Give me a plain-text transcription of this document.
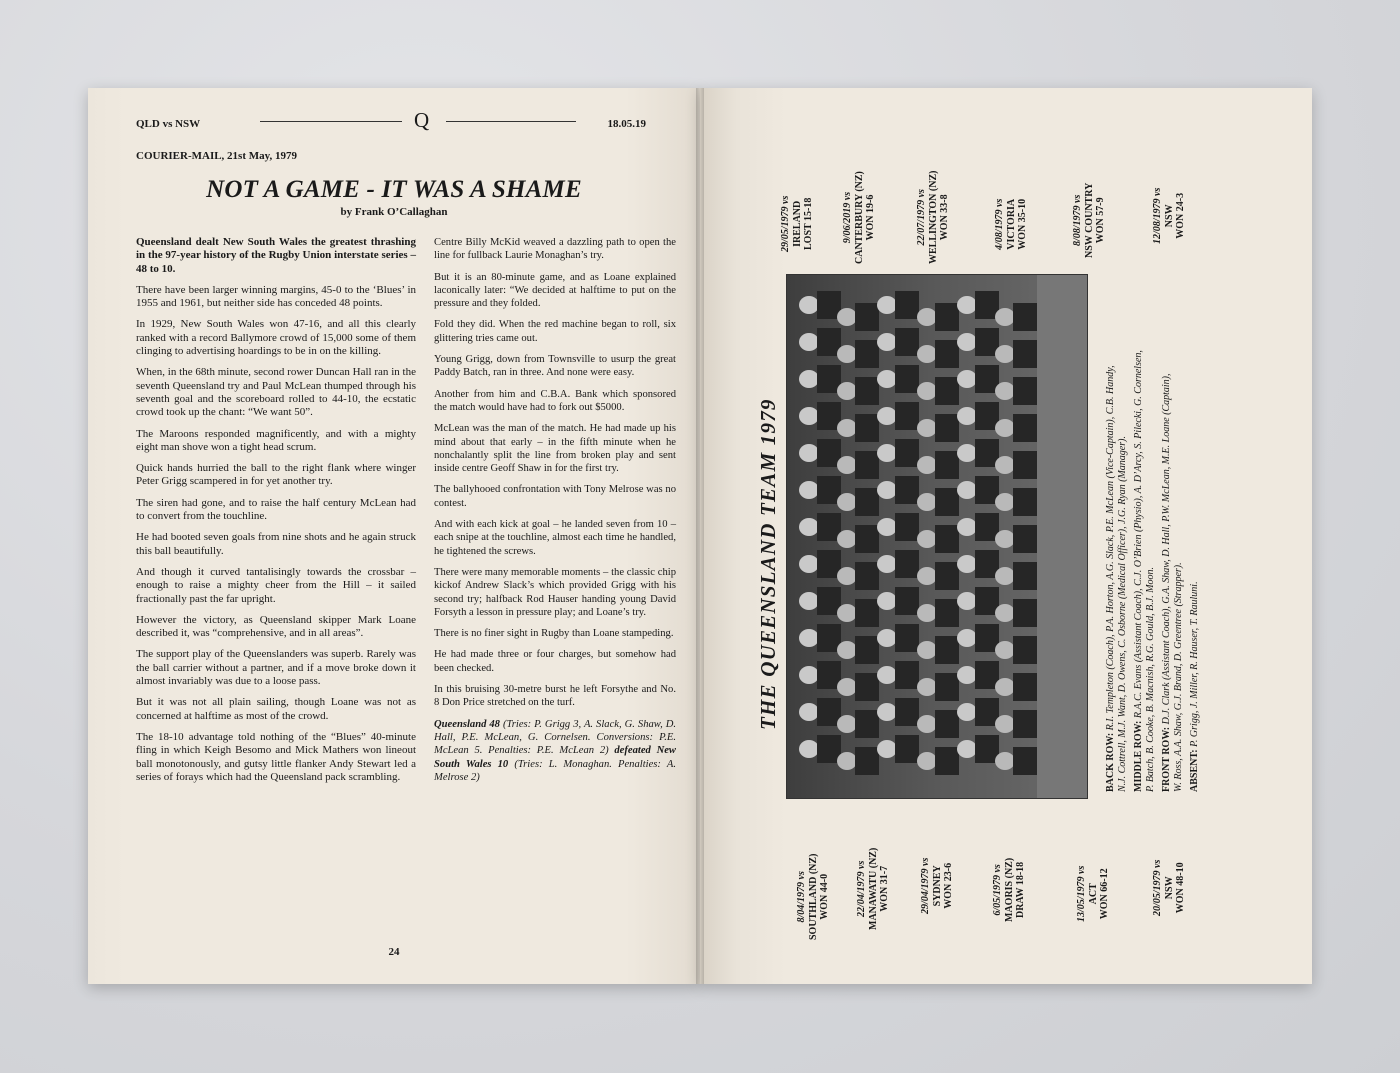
QLD vs NSW	Q	18.05.19
COURIER-MAIL, 21st May, 1979
NOT A GAME - IT WAS A SHAME
by Frank O’Callaghan

Queensland dealt New South Wales the greatest thrashing in the 97-year history of the Rugby Union interstate series – 48 to 10.

There have been larger winning margins, 45-0 to the ‘Blues’ in 1955 and 1961, but neither side has conceded 48 points.

In 1929, New South Wales won 47-16, and all this clearly ranked with a record Ballymore crowd of 15,000 some of them clinging to advertising hoardings to be in on the killing.

When, in the 68th minute, second rower Duncan Hall ran in the seventh Queensland try and Paul McLean thumped through his seventh goal and the scoreboard rolled to 44-10, the ecstatic crowd took up the chant: “We want 50”.

The Maroons responded magnificently, and with a mighty eight man shove won a tight head scrum.

Quick hands hurried the ball to the right flank where winger Peter Grigg scampered in for yet another try.

The siren had gone, and to raise the half century McLean had to convert from the touchline.

He had booted seven goals from nine shots and he again struck this ball beautifully.

And though it curved tantalisingly towards the crossbar – enough to raise a mighty cheer from the Hill – it sailed fractionally past the far upright.

However the victory, as Queensland skipper Mark Loane described it, was “comprehensive, and in all areas”.

The support play of the Queenslanders was superb. Rarely was the ball carrier without a partner, and if a move broke down it almost invariably was due to a loose pass.

But it was not all plain sailing, though Loane was not as concerned at halftime as most of the crowd.

The 18-10 advantage told nothing of the “Blues” 40-minute fling in which Keigh Besomo and Mick Mathers won lineout ball monotonously, and gutsy little flanker Andy Stewart led a series of forays which had the Queensland pack scrambling.

Centre Billy McKid weaved a dazzling path to open the line for fullback Laurie Monaghan’s try.

But it is an 80-minute game, and as Loane explained laconically later: “We decided at halftime to put on the pressure and they folded.

Fold they did. When the red machine began to roll, six glittering tries came out.

Young Grigg, down from Townsville to usurp the great Paddy Batch, ran in three. And none were easy.

Another from him and C.B.A. Bank which sponsored the match would have had to fork out $5000.

McLean was the man of the match. He had made up his mind about that early – in the fifth minute when he nonchalantly split the line from broken play and sent inside centre Geoff Shaw in for the first try.

The ballyhooed confrontation with Tony Melrose was no contest.

And with each kick at goal – he landed seven from 10 – each snipe at the touchline, almost each time he handled, he tightened the screws.

There were many memorable moments – the classic chip kickof Andrew Slack’s which provided Grigg with his second try; halfback Rod Hauser handing young David Forsyth a lesson in pressure play; and Loane’s try.

There is no finer sight in Rugby than Loane stampeding.

He had made three or four charges, but somehow had been checked.

In this bruising 30-metre burst he left Forsythe and No. 8 Don Price stretched on the turf.

Queensland 48 (Tries: P. Grigg 3, A. Slack, G. Shaw, D. Hall, P.E. McLean, G. Cornelsen. Conversions: P.E. McLean 5. Penalties: P.E. McLean 2) defeated New South Wales 10 (Tries: L. Monaghan. Penalties: A. Melrose 2)

24
29/05/1979 vs IRELAND LOST 15-18	9/06/2019 vs CANTERBURY (NZ) WON 19-6	22/07/1979 vs WELLINGTON (NZ) WON 33-8	4/08/1979 vs VICTORIA WON 35-10	8/08/1979 vs NSW COUNTRY WON 57-9	12/08/1979 vs NSW WON 24-3
THE QUEENSLAND TEAM 1979
BACK ROW: R.I. Templeton (Coach), P.A. Horton, A.G. Slack, P.E. McLean (Vice-Captain), C.B. Handy, N.J. Cottrell, M.J. Want, D. Owens, C. Osborne (Medical Officer), J.G. Ryan (Manager). MIDDLE ROW: R.A.C. Evans (Assistant Coach), C.J. O’Brien (Physio), A. D’Arcy, S. Pilecki, G. Cornelsen, P. Batch, B. Cooke, B. Macnish, R.G. Gould, B.J. Moon. FRONT ROW: D.J. Clark (Assistant Coach), G.A. Shaw, D. Hall, P.W. McLean, M.E. Loane (Captain), W. Ross, A.A. Shaw, G.J. Brand, D. Greentree (Strapper). ABSENT: P. Grigg, J. Miller, R. Hauser, T. Rauluni.
8/04/1979 vs SOUTHLAND (NZ) WON 44-0	22/04/1979 vs MANAWATU (NZ) WON 31-7	29/04/1979 vs SYDNEY WON 23-6	6/05/1979 vs MAORIS (NZ) DRAW 18-18	13/05/1979 vs ACT WON 66-12	20/05/1979 vs NSW WON 48-10
